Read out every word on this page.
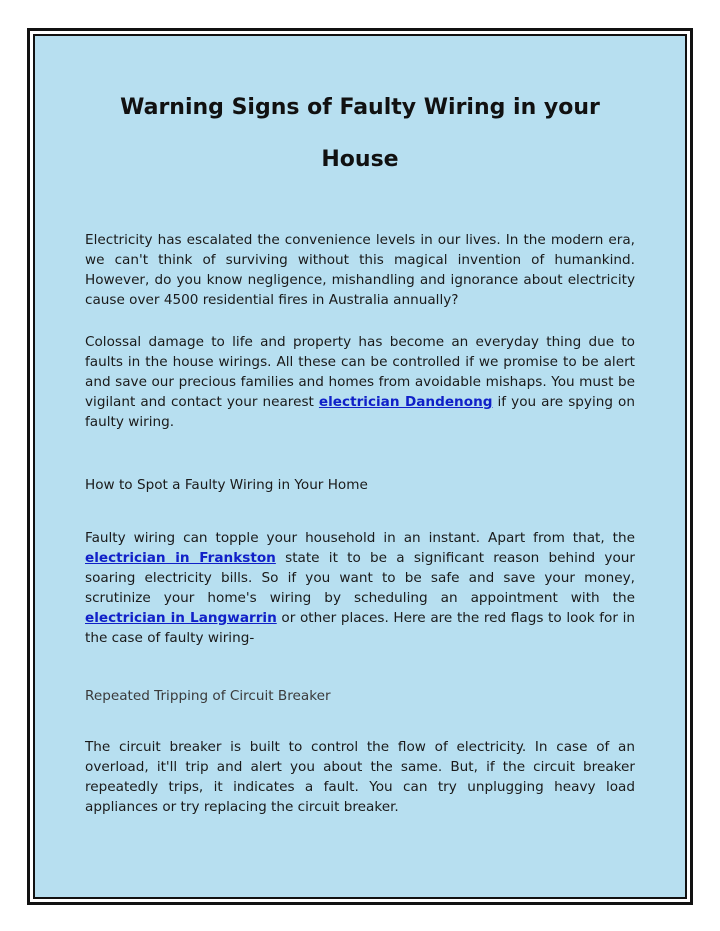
Warning Signs of Faulty Wiring in your
House

Electricity has escalated the convenience levels in our lives. In the modern era, we can't think of surviving without this magical invention of humankind. However, do you know negligence, mishandling and ignorance about electricity cause over 4500 residential fires in Australia annually?

Colossal damage to life and property has become an everyday thing due to faults in the house wirings. All these can be controlled if we promise to be alert and save our precious families and homes from avoidable mishaps. You must be vigilant and contact your nearest electrician Dandenong if you are spying on faulty wiring.

How to Spot a Faulty Wiring in Your Home

Faulty wiring can topple your household in an instant. Apart from that, the electrician in Frankston state it to be a significant reason behind your soaring electricity bills. So if you want to be safe and save your money, scrutinize your home's wiring by scheduling an appointment with the electrician in Langwarrin or other places. Here are the red flags to look for in the case of faulty wiring-

Repeated Tripping of Circuit Breaker

The circuit breaker is built to control the flow of electricity. In case of an overload, it'll trip and alert you about the same. But, if the circuit breaker repeatedly trips, it indicates a fault. You can try unplugging heavy load appliances or try replacing the circuit breaker.
